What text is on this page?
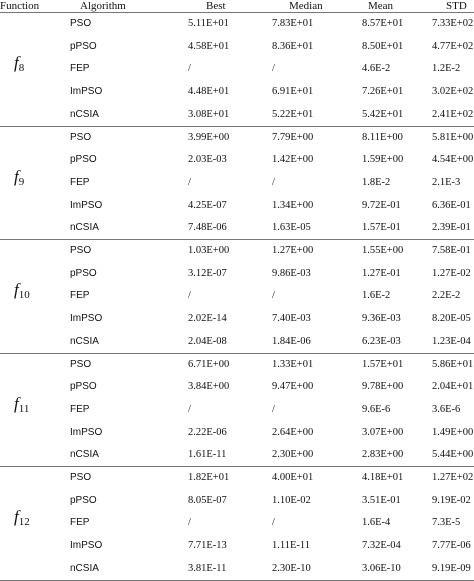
Function	Algorithm	Best	Median	Mean	STD
$f_8$
PSO	5.11E+01	7.83E+01	8.57E+01	7.33E+02
pPSO	4.58E+01	8.36E+01	8.50E+01	4.77E+02
FEP	/	/	4.6E-2	1.2E-2
ImPSO	4.48E+01	6.91E+01	7.26E+01	3.02E+02
nCSIA	3.08E+01	5.22E+01	5.42E+01	2.41E+02
$f_9$
PSO	3.99E+00	7.79E+00	8.11E+00	5.81E+00
pPSO	2.03E-03	1.42E+00	1.59E+00	4.54E+00
FEP	/	/	1.8E-2	2.1E-3
ImPSO	4.25E-07	1.34E+00	9.72E-01	6.36E-01
nCSIA	7.48E-06	1.63E-05	1.57E-01	2.39E-01
$f_{10}$
PSO	1.03E+00	1.27E+00	1.55E+00	7.58E-01
pPSO	3.12E-07	9.86E-03	1.27E-01	1.27E-02
FEP	/	/	1.6E-2	2.2E-2
ImPSO	2.02E-14	7.40E-03	9.36E-03	8.20E-05
nCSIA	2.04E-08	1.84E-06	6.23E-03	1.23E-04
$f_{11}$
PSO	6.71E+00	1.33E+01	1.57E+01	5.86E+01
pPSO	3.84E+00	9.47E+00	9.78E+00	2.04E+01
FEP	/	/	9.6E-6	3.6E-6
ImPSO	2.22E-06	2.64E+00	3.07E+00	1.49E+00
nCSIA	1.61E-11	2.30E+00	2.83E+00	5.44E+00
$f_{12}$
PSO	1.82E+01	4.00E+01	4.18E+01	1.27E+02
pPSO	8.05E-07	1.10E-02	3.51E-01	9.19E-02
FEP	/	/	1.6E-4	7.3E-5
ImPSO	7.71E-13	1.11E-11	7.32E-04	7.77E-06
nCSIA	3.81E-11	2.30E-10	3.06E-10	9.19E-09
